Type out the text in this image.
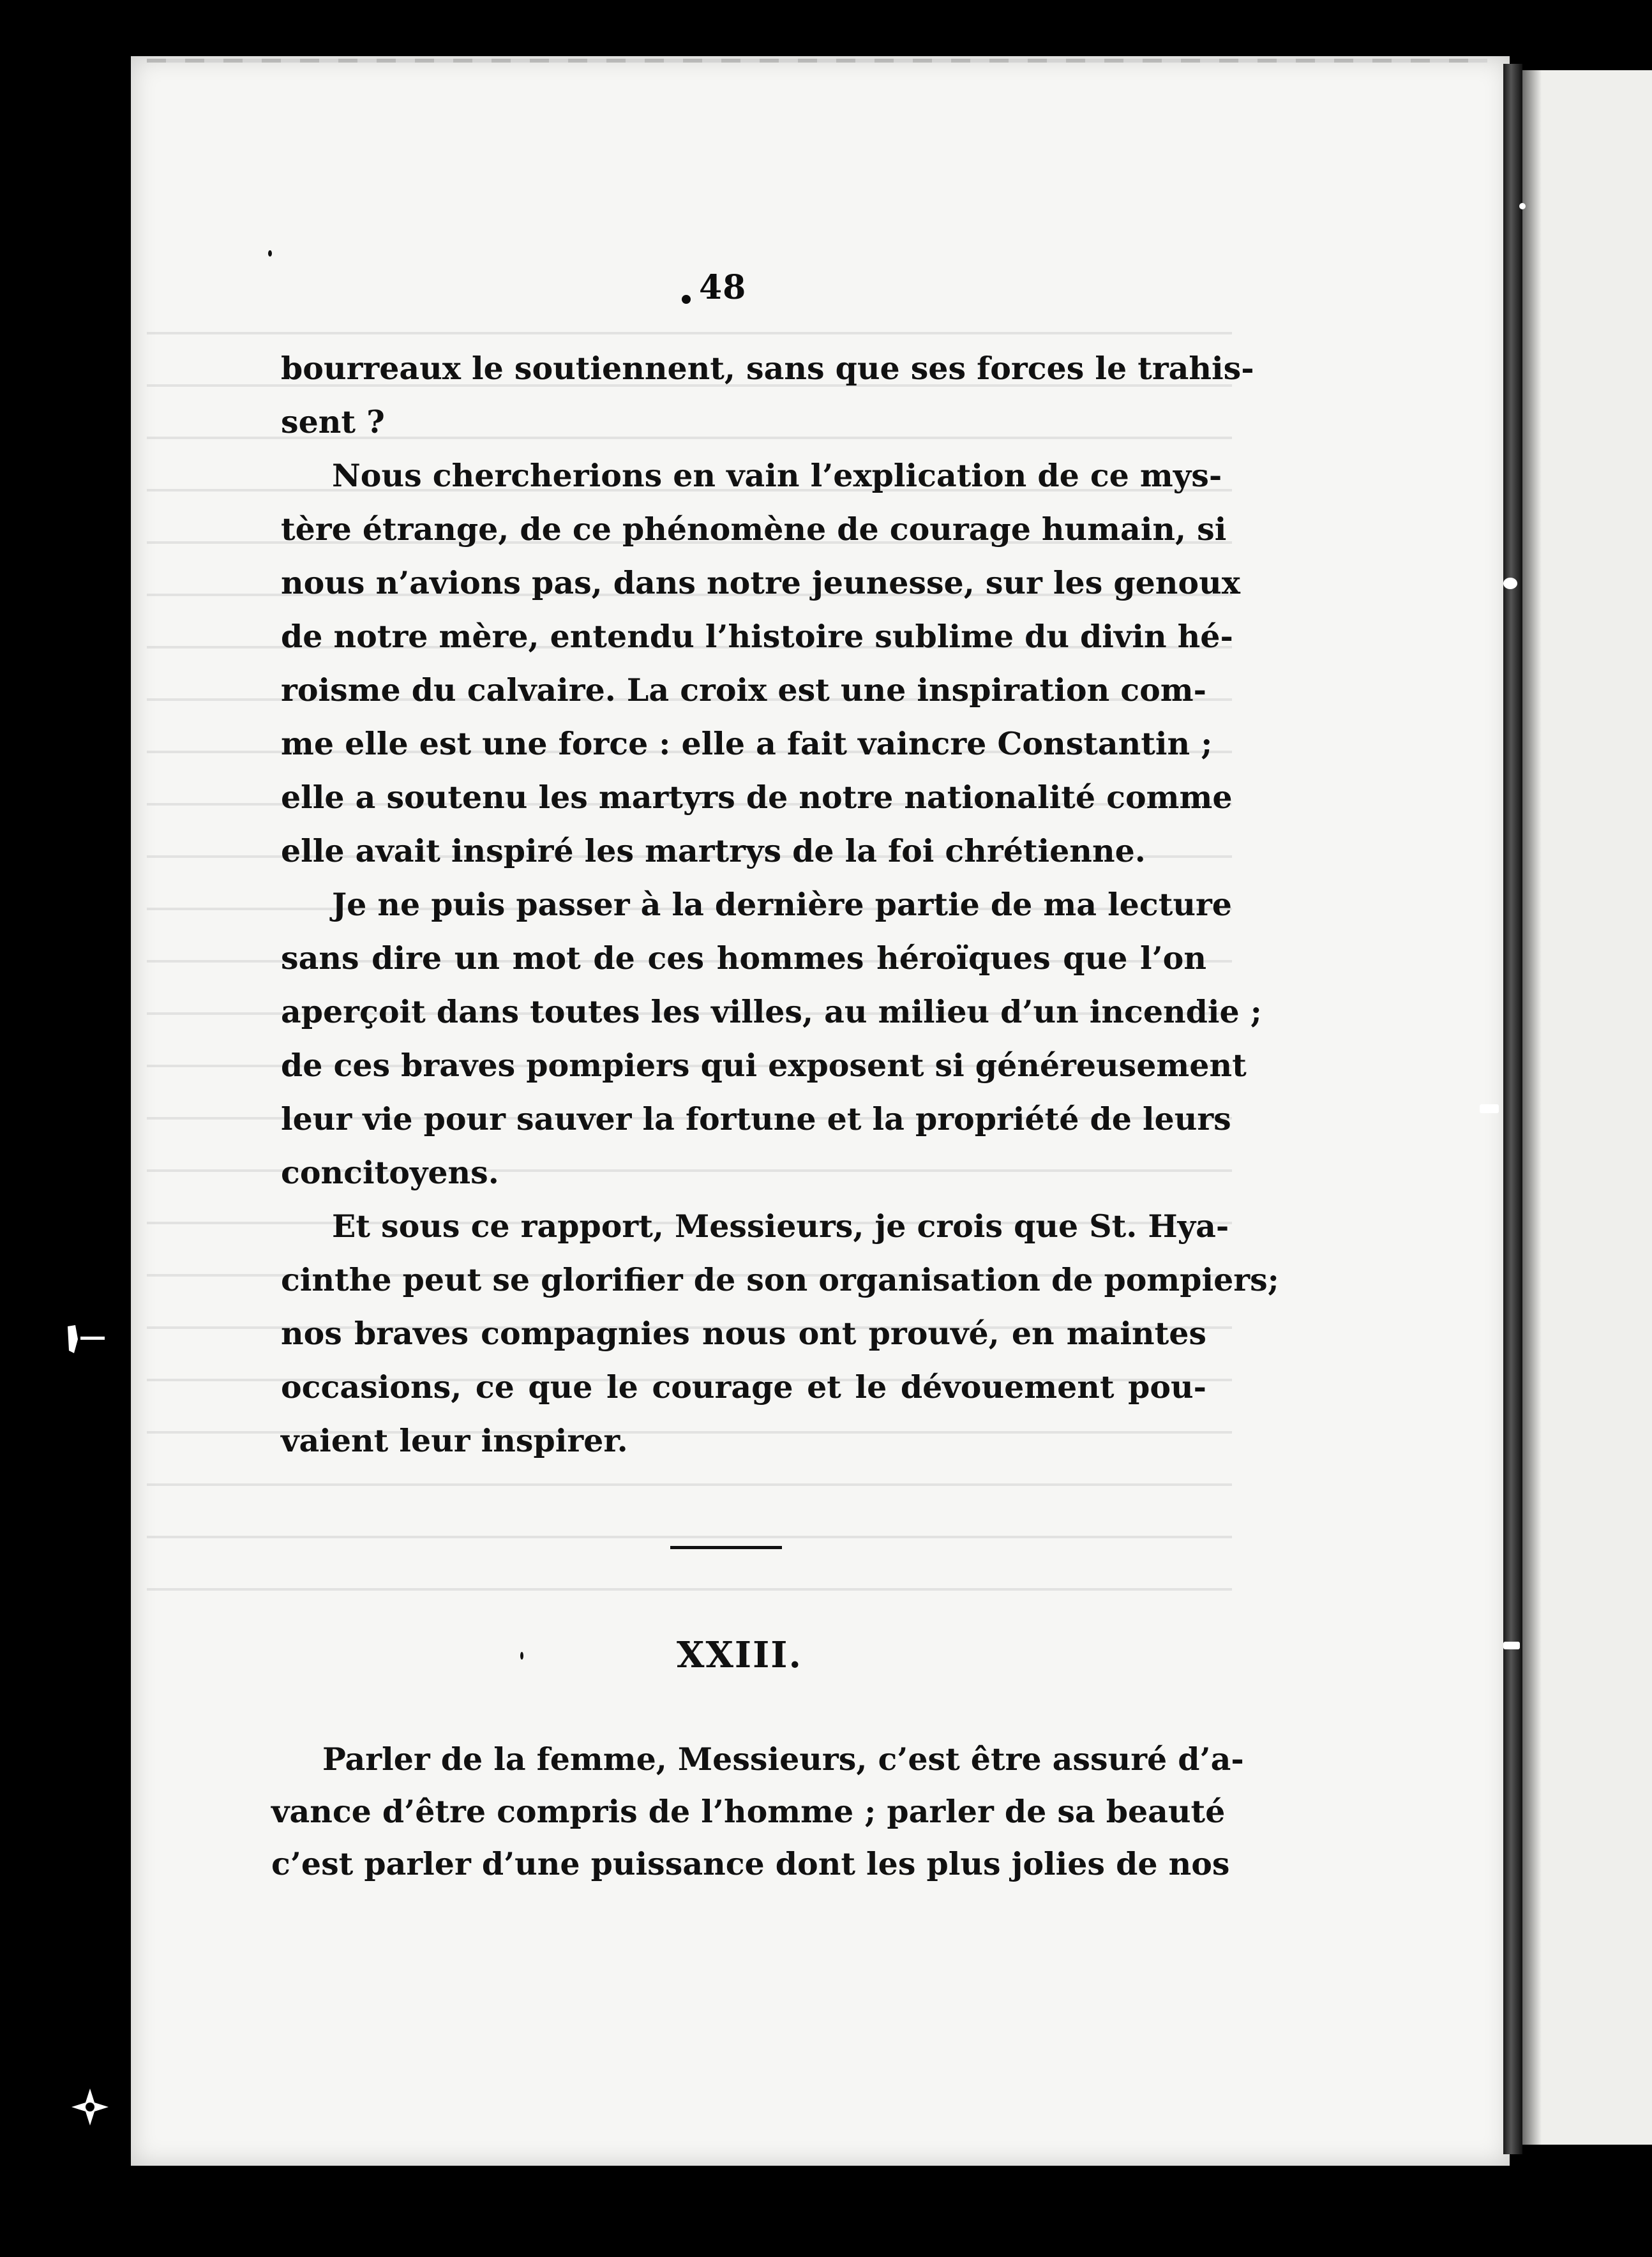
48
bourreaux le soutiennent, sans que ses forces le trahis-
sent ?
Nous chercherions en vain l’explication de ce mys-
tère étrange, de ce phénomène de courage humain, si
nous n’avions pas, dans notre jeunesse, sur les genoux
de notre mère, entendu l’histoire sublime du divin hé-
roisme du calvaire. La croix est une inspiration com-
me elle est une force : elle a fait vaincre Constantin ;
elle a soutenu les martyrs de notre nationalité comme
elle avait inspiré les martrys de la foi chrétienne.
Je ne puis passer à la dernière partie de ma lecture
sans dire un mot de ces hommes héroïques que l’on
aperçoit dans toutes les villes, au milieu d’un incendie ;
de ces braves pompiers qui exposent si généreusement
leur vie pour sauver la fortune et la propriété de leurs
concitoyens.
Et sous ce rapport, Messieurs, je crois que St. Hya-
cinthe peut se glorifier de son organisation de pompiers;
nos braves compagnies nous ont prouvé, en maintes
occasions, ce que le courage et le dévouement pou-
vaient leur inspirer.
XXIII.
Parler de la femme, Messieurs, c’est être assuré d’a-
vance d’être compris de l’homme ; parler de sa beauté
c’est parler d’une puissance dont les plus jolies de nos
